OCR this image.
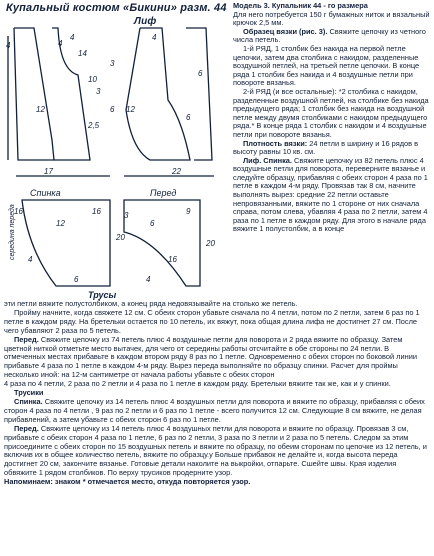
Купальный костюм «Бикини» разм. 44
Лиф
4	4
14
10
3
12	6
3
2,5
12
6
6
17	22
4	4
Спинка	Перед
Трусы
середина переда
16
20
12
4
6	4
20
16
3
6
9
16

Модель 3. Купальник 44 - го размера

Для него потребуется 150 г бумажных ниток и вязальный крючок 2,5 мм.

Образец вязки (рис. 3). Свяжите цепочку из четного числа петель.

1-й РЯД, 1 столбик без накида на первой петле цепочки, затем два столбика с накидом, разделенные воздушной петлей, на третьей петле цепочки. В конце ряда 1 столбик без накида и 4 воздушные петли при повороте вязанья.

2-й РЯД (и все остальные): *2 столбика с накидом, разделенные воздушной петлей, на столбике без накида предыдущего ряда; 1 столбик без накида на воздушной петле между двумя столбиками с накидом предыдущего ряда.* В конце ряда 1 столбик с накидом и 4 воздушные петли при повороте вязанья.

Плотность вязки: 24 петли в ширину и 16 рядов в высоту равны 10 кв. см.

Лиф. Спинка. Свяжите цепочку из 82 петель плюс 4 воздушные петли для поворота, переверните вязанье и следуйте образцу, прибавляя с обеих сторон 4 раза по 1 петле в каждом 4-м ряду. Провязав так 8 см, начните выполнять вырез: средние 22 петли оставьте непровязанными, вяжите по 1 стороне от них сначала справа, потом слева, убавляя 4 раза по 2 петли, затем 4 раза по 1 петле в каждом ряду. Для этого в начале ряда вяжите 1 полустолбик, а в конце

эти петли вяжите полустолбиком, а конец ряда недовязывайте на столько же петель.

Пройму начните, когда свяжете 12 см. С обеих сторон убавьте сначала по 4 петли, потом по 2 петли, затем 6 раз по 1 петле в каждом ряду. На бретельки остается по 10 петель, их вяжут, пока общая длина лифа не достигнет 27 см. После чего убавляют 2 раза по 5 петель.

Перед. Свяжите цепочку из 74 петель плюс 4 воздушные петли для поворота и 2 ряда вяжите по образцу. Затем цветной ниткой отметьте место вытачек, для чего от середины работы отсчитайте в обе стороны по 24 петли. В отмеченных местах прибавьте в каждом втором ряду 8 раз по 1 петле. Одновременно с обеих сторон по боковой линии прибавьте 4 раза по 1 петле в каждом 4-м ряду. Вырез переда выполняйте по образцу спинки. Расчет для проймы несколько иной: на 12-м сантиметре от начала работы убавьте с обеих сторон

4 раза по 4 петли, 2 раза по 2 петли и 4 раза по 1 петле в каждом ряду. Бретельки вяжите так же, как и у спинки.

Трусики

Спинка. Свяжите цепочку из 14 петель плюс 4 воздушных петли для поворота и вяжите по образцу, прибавляя с обеих сторон 4 раза по 4 петли , 9 раз по 2 петли и 6 раз по 1 петле - всего получится 12 см. Следующие 8 см вяжите, не делая прибавлений, а затем убавьте с обеих сторон 6 раз по 1 петле.

Перед. Свяжите цепочку из 14 петель плюс 4 воздушных петли для поворота и вяжите по образцу. Провязав 3 см, прибавьте с обеих сторон 4 раза по 1 петле, 6 раз по 2 петли, 3 раза по 3 петли и 2 раза по 5 петель. Следом за этим присоедините с обеих сторон по 15 воздушных петель и вяжите по образцу, по обеим сторонам по цепочке из 12 петель, и включив их в общее количество петель, вяжите по образцу.у Больше прибавок не делайте и, когда высота переда достигнет 20 см, закончите вязанье. Готовые детали наколите на выкройки, отпарьте. Сшейте швы. Края изделия обвяжите 1 рядом столбиков. По верху трусиков продерните узор.

Напоминаем: знаком * отмечается место, откуда повторяется узор.
